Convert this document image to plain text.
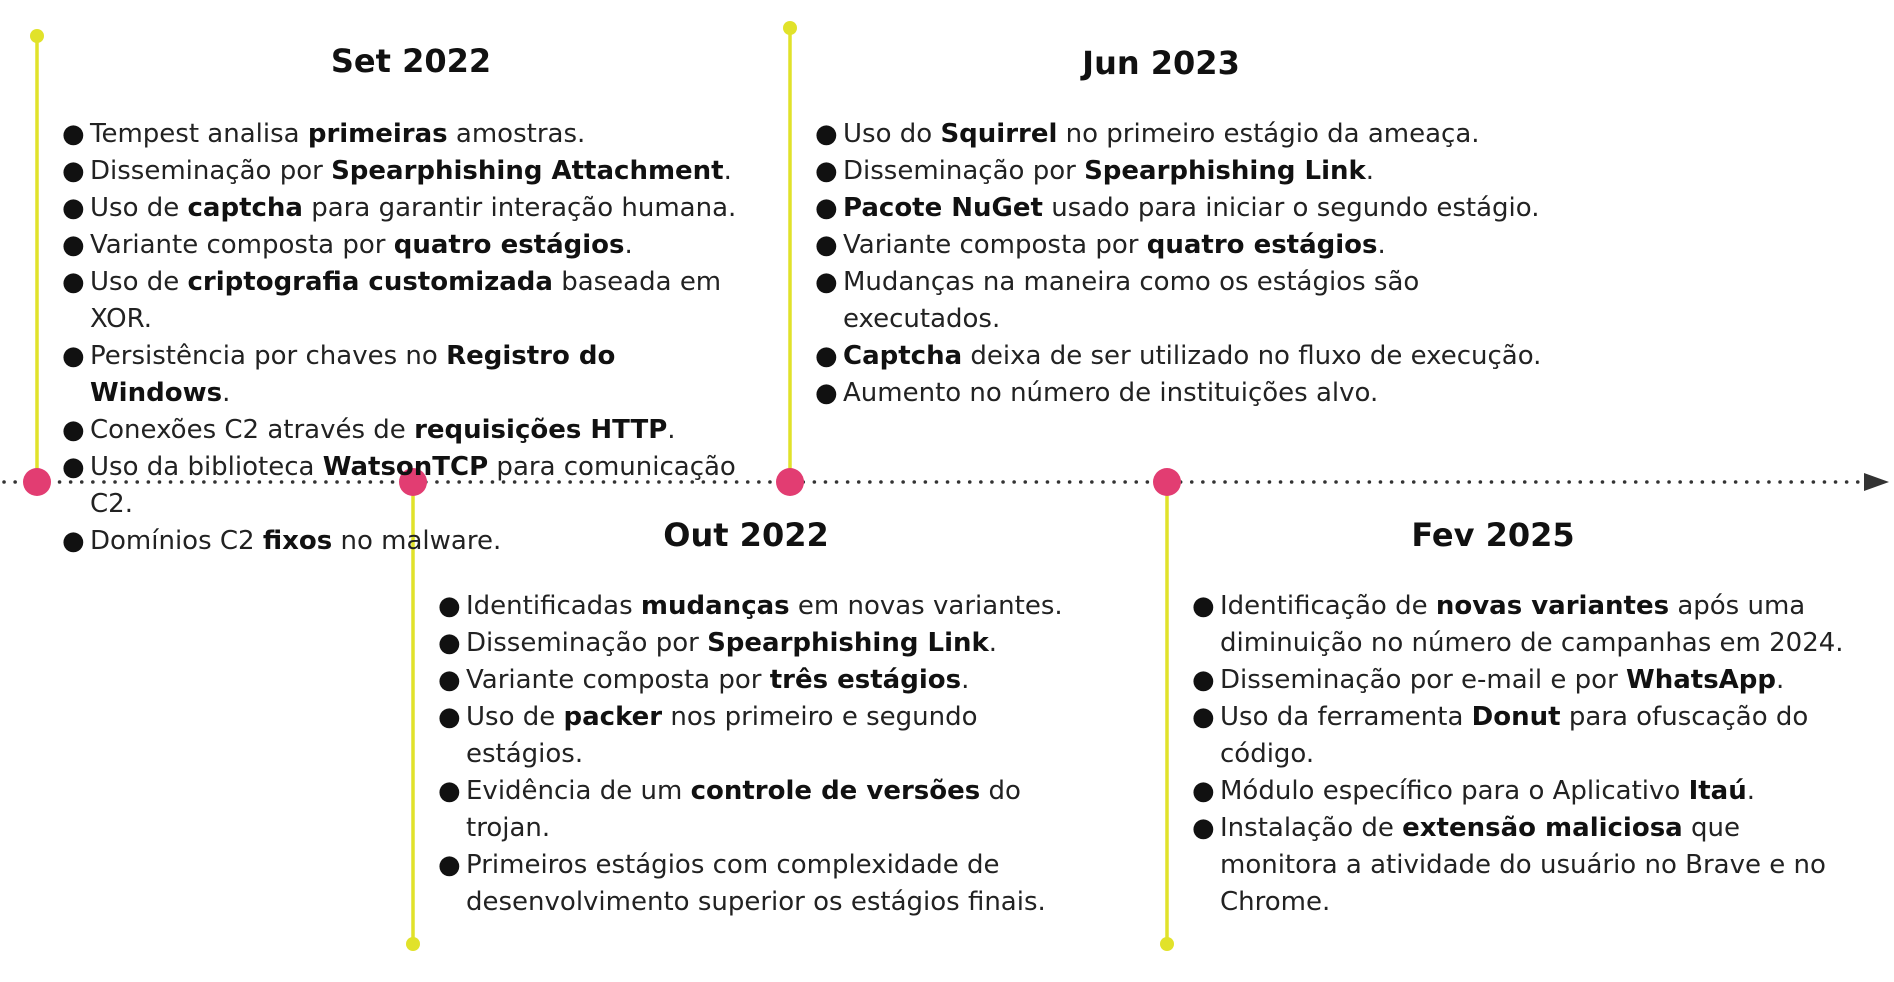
Set 2022
● Tempest analisa primeiras amostras.
● Disseminação por Spearphishing Attachment.
● Uso de captcha para garantir interação humana.
● Variante composta por quatro estágios.
● Uso de criptografia customizada baseada em XOR.
● Persistência por chaves no Registro do Windows.
● Conexões C2 através de requisições HTTP.
● Uso da biblioteca WatsonTCP para comunicação C2.
● Domínios C2 fixos no malware.	Out 2022
● Identificadas mudanças em novas variantes.
● Disseminação por Spearphishing Link.
● Variante composta por três estágios.
● Uso de packer nos primeiro e segundo estágios.
● Evidência de um controle de versões do trojan.
● Primeiros estágios com complexidade de desenvolvimento superior os estágios finais.
Jun 2023
● Uso do Squirrel no primeiro estágio da ameaça.
● Disseminação por Spearphishing Link.
● Pacote NuGet usado para iniciar o segundo estágio.
● Variante composta por quatro estágios.
● Mudanças na maneira como os estágios são executados.
● Captcha deixa de ser utilizado no fluxo de execução.
● Aumento no número de instituições alvo.
Fev 2025
● Identificação de novas variantes após uma diminuição no número de campanhas em 2024.
● Disseminação por e-mail e por WhatsApp.
● Uso da ferramenta Donut para ofuscação do código.
● Módulo específico para o Aplicativo Itaú.
● Instalação de extensão maliciosa que monitora a atividade do usuário no Brave e no Chrome.
